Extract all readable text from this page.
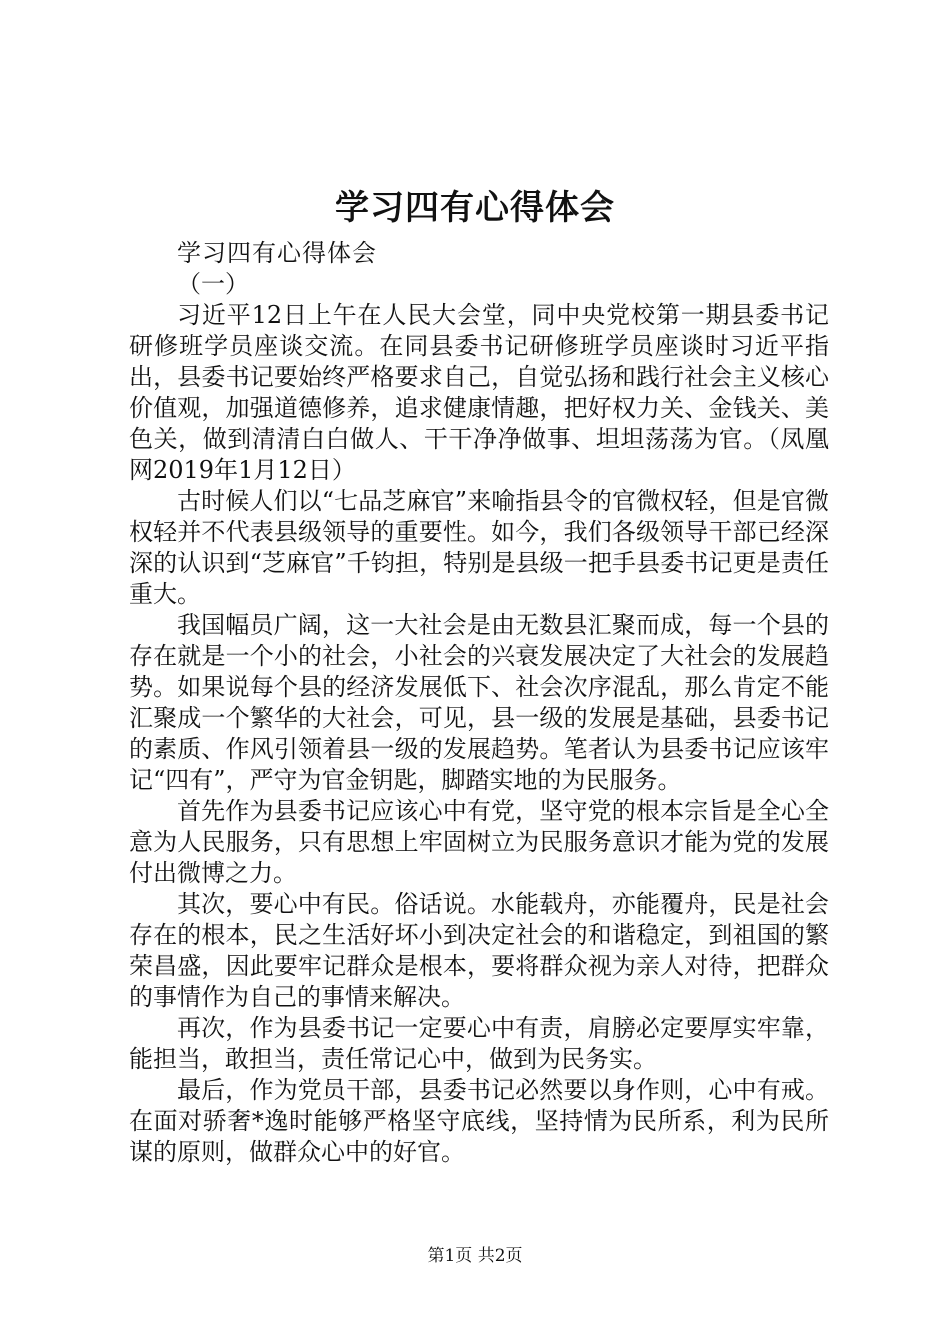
学习四有心得体会

学习四有心得体会

（一）

习近平12日上午在人民大会堂，同中央党校第一期县委书记研修班学员座谈交流。在同县委书记研修班学员座谈时习近平指出，县委书记要始终严格要求自己，自觉弘扬和践行社会主义核心价值观，加强道德修养，追求健康情趣，把好权力关、金钱关、美色关，做到清清白白做人、干干净净做事、坦坦荡荡为官。（凤凰网2019年1月12日）

古时候人们以“七品芝麻官”来喻指县令的官微权轻，但是官微权轻并不代表县级领导的重要性。如今，我们各级领导干部已经深深的认识到“芝麻官”千钧担，特别是县级一把手县委书记更是责任重大。

我国幅员广阔，这一大社会是由无数县汇聚而成，每一个县的存在就是一个小的社会，小社会的兴衰发展决定了大社会的发展趋势。如果说每个县的经济发展低下、社会次序混乱，那么肯定不能汇聚成一个繁华的大社会，可见，县一级的发展是基础，县委书记的素质、作风引领着县一级的发展趋势。笔者认为县委书记应该牢记“四有”，严守为官金钥匙，脚踏实地的为民服务。

首先作为县委书记应该心中有党，坚守党的根本宗旨是全心全意为人民服务，只有思想上牢固树立为民服务意识才能为党的发展付出微博之力。

其次，要心中有民。俗话说。水能载舟，亦能覆舟，民是社会存在的根本，民之生活好坏小到决定社会的和谐稳定，到祖国的繁荣昌盛，因此要牢记群众是根本，要将群众视为亲人对待，把群众的事情作为自己的事情来解决。

再次，作为县委书记一定要心中有责，肩膀必定要厚实牢靠，能担当，敢担当，责任常记心中，做到为民务实。

最后，作为党员干部，县委书记必然要以身作则，心中有戒。在面对骄奢*逸时能够严格坚守底线，坚持情为民所系，利为民所谋的原则，做群众心中的好官。

第1页 共2页
